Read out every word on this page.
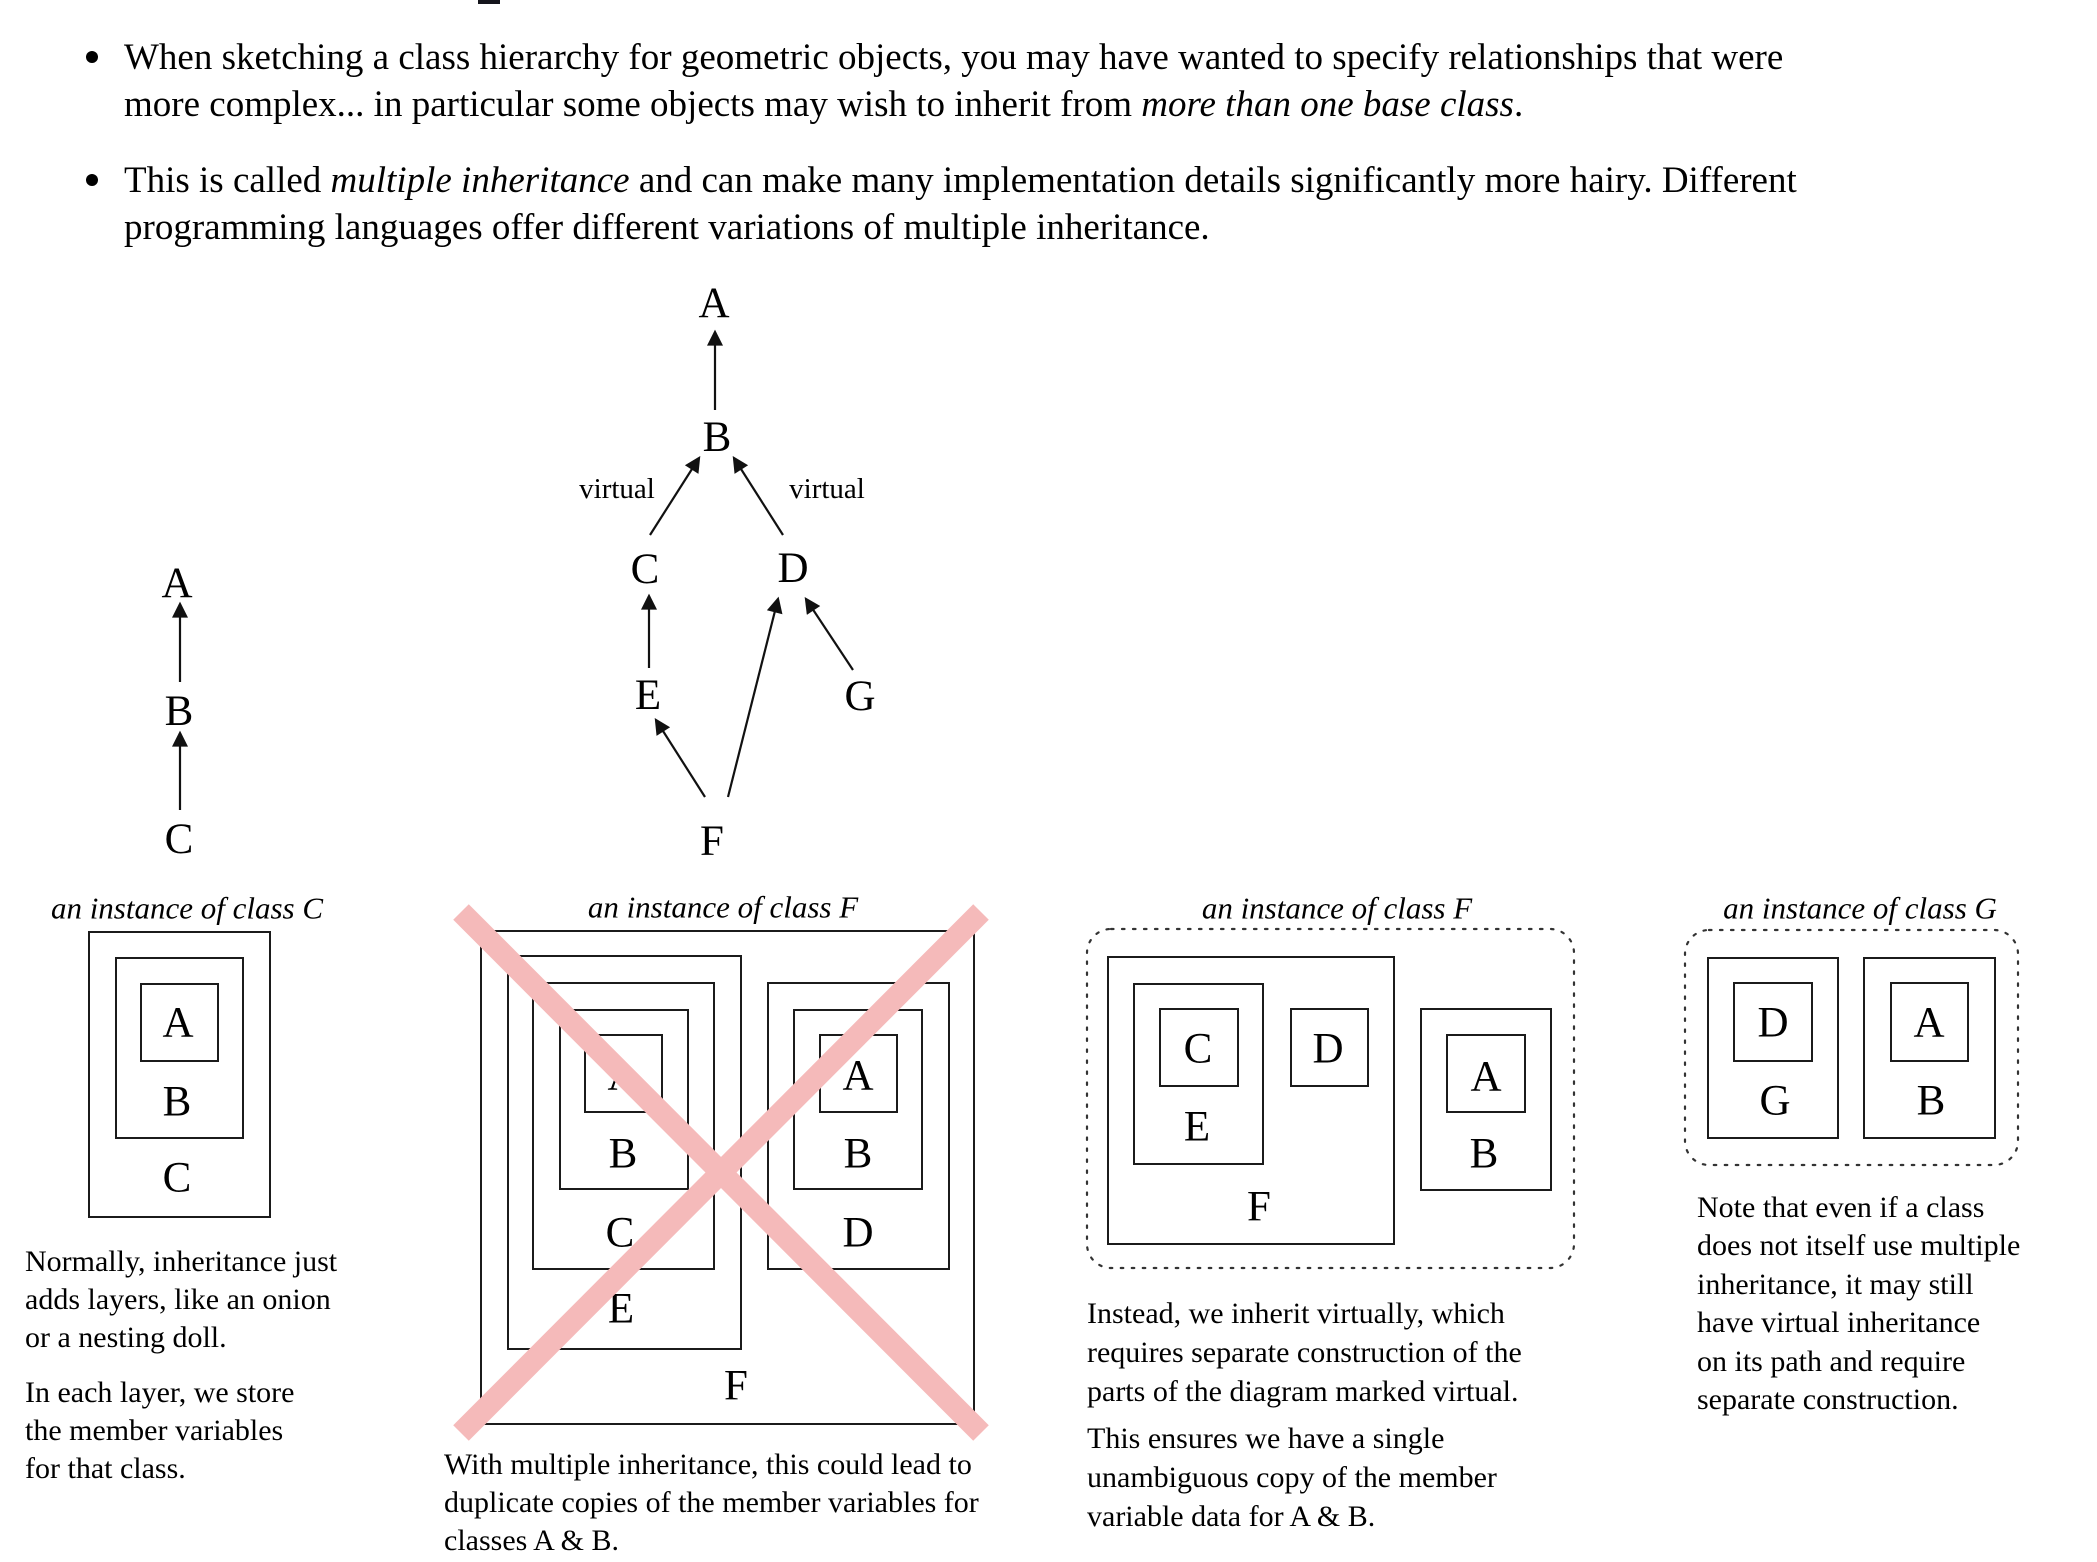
When sketching a class hierarchy for geometric objects, you may have wanted to specify relationships that were
more complex... in particular some objects may wish to inherit from more than one base class.
This is called multiple inheritance and can make many implementation details significantly more hairy. Different
programming languages offer different variations of multiple inheritance.
A
B
C
A
B
virtual	virtual
C	D
E	G
F
an instance of class C
A
B
C
an instance of class F
A
B
C
E
A
B
D
F
an instance of class F
C D
E
F
A
B
an instance of class G
D
G
A
B
Normally, inheritance just
adds layers, like an onion
or a nesting doll.
In each layer, we store
the member variables
for that class.	With multiple inheritance, this could lead to
duplicate copies of the member variables for
classes A & B.
Instead, we inherit virtually, which
requires separate construction of the
parts of the diagram marked virtual.
This ensures we have a single
unambiguous copy of the member
variable data for A & B.
Note that even if a class
does not itself use multiple
inheritance, it may still
have virtual inheritance
on its path and require
separate construction.
